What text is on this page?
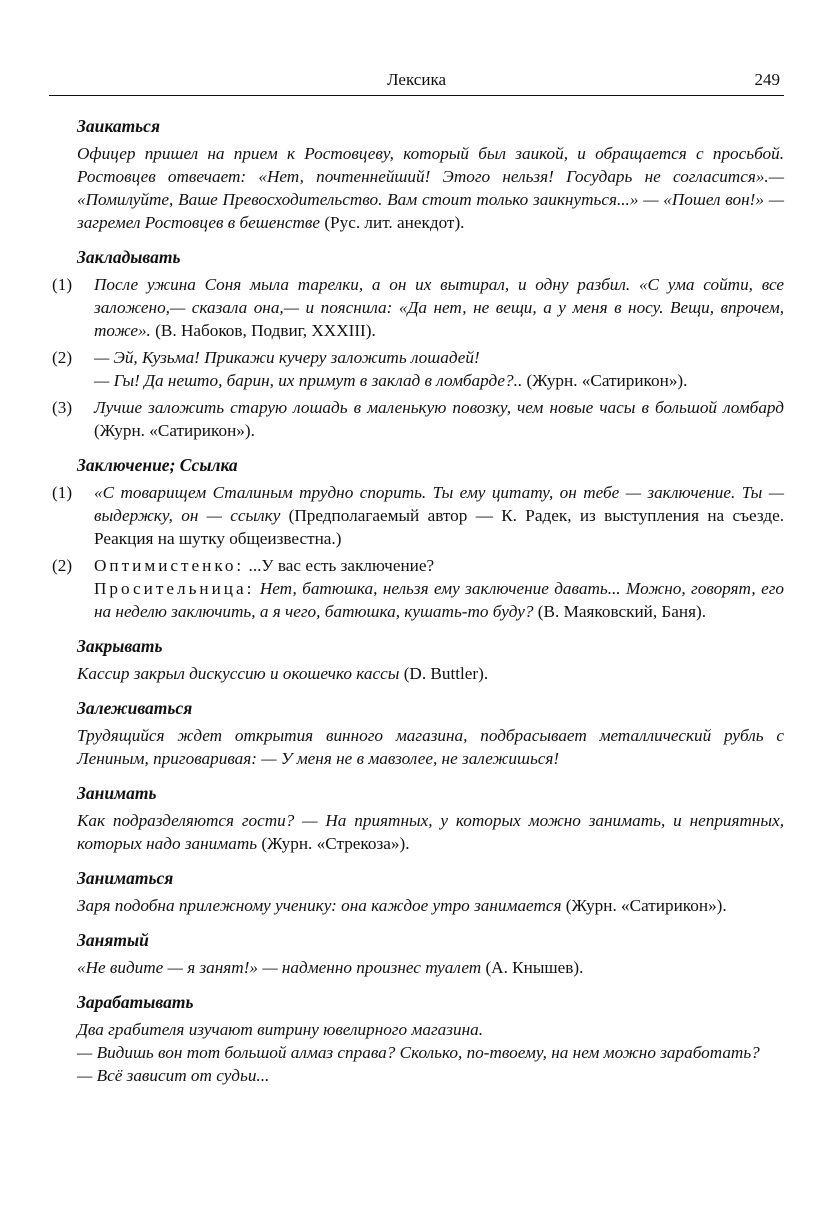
Лексика	249
Заикаться
Офицер пришел на прием к Ростовцеву, который был заикой, и обращается с просьбой. Ростовцев отвечает: «Нет, почтеннейший! Этого нельзя! Государь не согласится».— «Помилуйте, Ваше Превосходительство. Вам стоит только заикнуться...» — «Пошел вон!» — загремел Ростовцев в бешенстве (Рус. лит. анекдот).
Закладывать
(1) После ужина Соня мыла тарелки, а он их вытирал, и одну разбил. «С ума сойти, все заложено,— сказала она,— и пояснила: «Да нет, не вещи, а у меня в носу. Вещи, впрочем, тоже». (В. Набоков, Подвиг, XXXIII).
(2) — Эй, Кузьма! Прикажи кучеру заложить лошадей!
— Гы! Да нешто, барин, их примут в заклад в ломбарде?.. (Журн. «Сатирикон»).
(3) Лучше заложить старую лошадь в маленькую повозку, чем новые часы в большой ломбард (Журн. «Сатирикон»).
Заключение; Ссылка
(1) «С товарищем Сталиным трудно спорить. Ты ему цитату, он тебе — заключение. Ты — выдержку, он — ссылку (Предполагаемый автор — К. Радек, из выступления на съезде. Реакция на шутку общеизвестна.)
(2) Оптимистенко: ...У вас есть заключение?
Просительница: Нет, батюшка, нельзя ему заключение давать... Можно, говорят, его на неделю заключить, а я чего, батюшка, кушать-то буду? (В. Маяковский, Баня).
Закрывать
Кассир закрыл дискуссию и окошечко кассы (D. Buttler).
Залеживаться
Трудящийся ждет открытия винного магазина, подбрасывает металлический рубль с Лениным, приговаривая: — У меня не в мавзолее, не залежишься!
Занимать
Как подразделяются гости? — На приятных, у которых можно занимать, и неприятных, которых надо занимать (Журн. «Стрекоза»).
Заниматься
Заря подобна прилежному ученику: она каждое утро занимается (Журн. «Сатирикон»).
Занятый
«Не видите — я занят!» — надменно произнес туалет (А. Кнышев).
Зарабатывать
Два грабителя изучают витрину ювелирного магазина.
— Видишь вон тот большой алмаз справа? Сколько, по-твоему, на нем можно заработать?
— Всё зависит от судьи...
